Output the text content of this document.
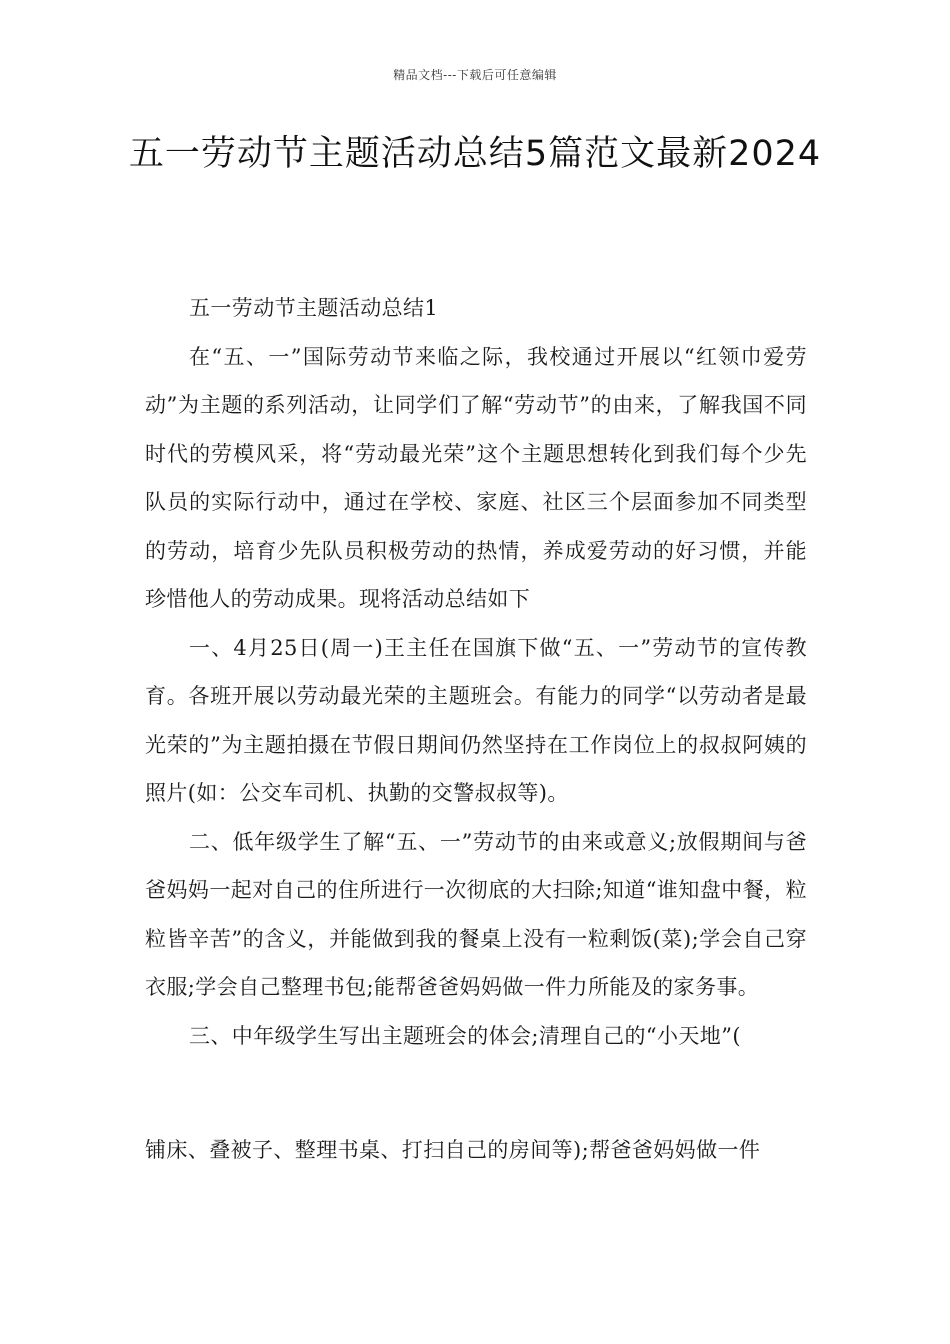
精品文档---下载后可任意编辑
五一劳动节主题活动总结5篇范文最新2024

五一劳动节主题活动总结1

在“五、一”国际劳动节来临之际，我校通过开展以“红领巾爱劳动”为主题的系列活动，让同学们了解“劳动节”的由来，了解我国不同时代的劳模风采，将“劳动最光荣”这个主题思想转化到我们每个少先队员的实际行动中，通过在学校、家庭、社区三个层面参加不同类型的劳动，培育少先队员积极劳动的热情，养成爱劳动的好习惯，并能珍惜他人的劳动成果。现将活动总结如下

一、4月25日(周一)王主任在国旗下做“五、一”劳动节的宣传教育。各班开展以劳动最光荣的主题班会。有能力的同学“以劳动者是最光荣的”为主题拍摄在节假日期间仍然坚持在工作岗位上的叔叔阿姨的照片(如：公交车司机、执勤的交警叔叔等)。

二、低年级学生了解“五、一”劳动节的由来或意义;放假期间与爸爸妈妈一起对自己的住所进行一次彻底的大扫除;知道“谁知盘中餐，粒粒皆辛苦”的含义，并能做到我的餐桌上没有一粒剩饭(菜);学会自己穿衣服;学会自己整理书包;能帮爸爸妈妈做一件力所能及的家务事。

三、中年级学生写出主题班会的体会;清理自己的“小天地”(

铺床、叠被子、整理书桌、打扫自己的房间等);帮爸爸妈妈做一件
